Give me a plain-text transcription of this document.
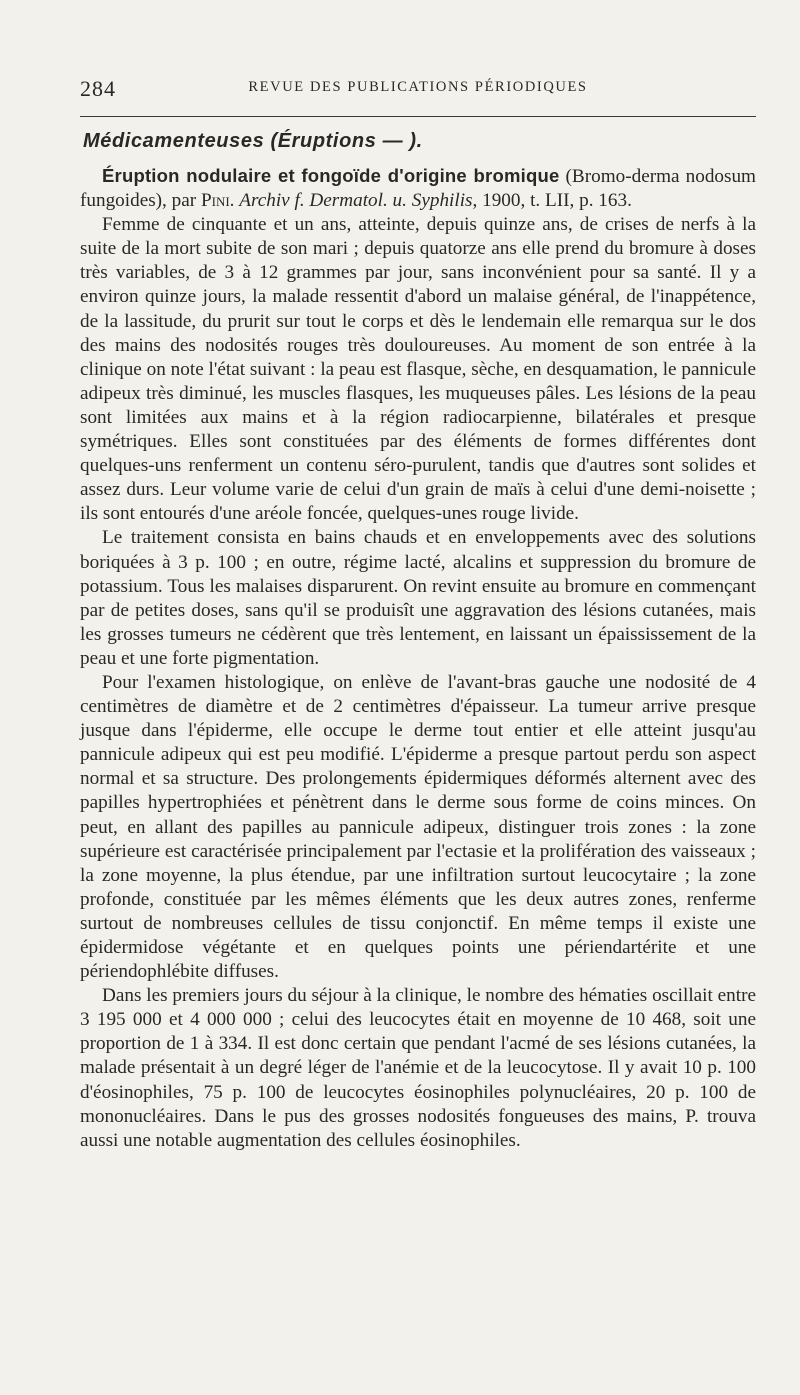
284	REVUE DES PUBLICATIONS PÉRIODIQUES
Médicamenteuses (Éruptions — ).

Éruption nodulaire et fongoïde d'origine bromique (Bromo-derma nodosum fungoides), par Pini. Archiv f. Dermatol. u. Syphilis, 1900, t. LII, p. 163.

Femme de cinquante et un ans, atteinte, depuis quinze ans, de crises de nerfs à la suite de la mort subite de son mari ; depuis quatorze ans elle prend du bromure à doses très variables, de 3 à 12 grammes par jour, sans inconvénient pour sa santé. Il y a environ quinze jours, la malade ressentit d'abord un malaise général, de l'inappétence, de la lassitude, du prurit sur tout le corps et dès le lendemain elle remarqua sur le dos des mains des nodosités rouges très douloureuses. Au moment de son entrée à la clinique on note l'état suivant : la peau est flasque, sèche, en desquamation, le pannicule adipeux très diminué, les muscles flasques, les muqueuses pâles. Les lésions de la peau sont limitées aux mains et à la région radiocarpienne, bilatérales et presque symétriques. Elles sont constituées par des éléments de formes différentes dont quelques-uns renferment un contenu séro-purulent, tandis que d'autres sont solides et assez durs. Leur volume varie de celui d'un grain de maïs à celui d'une demi-noisette ; ils sont entourés d'une aréole foncée, quelques-unes rouge livide.

Le traitement consista en bains chauds et en enveloppements avec des solutions boriquées à 3 p. 100 ; en outre, régime lacté, alcalins et suppression du bromure de potassium. Tous les malaises disparurent. On revint ensuite au bromure en commençant par de petites doses, sans qu'il se produisît une aggravation des lésions cutanées, mais les grosses tumeurs ne cédèrent que très lentement, en laissant un épaississement de la peau et une forte pigmentation.

Pour l'examen histologique, on enlève de l'avant-bras gauche une nodosité de 4 centimètres de diamètre et de 2 centimètres d'épaisseur. La tumeur arrive presque jusque dans l'épiderme, elle occupe le derme tout entier et elle atteint jusqu'au pannicule adipeux qui est peu modifié. L'épiderme a presque partout perdu son aspect normal et sa structure. Des prolongements épidermiques déformés alternent avec des papilles hypertrophiées et pénètrent dans le derme sous forme de coins minces. On peut, en allant des papilles au pannicule adipeux, distinguer trois zones : la zone supérieure est caractérisée principalement par l'ectasie et la prolifération des vaisseaux ; la zone moyenne, la plus étendue, par une infiltration surtout leucocytaire ; la zone profonde, constituée par les mêmes éléments que les deux autres zones, renferme surtout de nombreuses cellules de tissu conjonctif. En même temps il existe une épidermidose végétante et en quelques points une périendartérite et une périendophlébite diffuses.

Dans les premiers jours du séjour à la clinique, le nombre des hématies oscillait entre 3 195 000 et 4 000 000 ; celui des leucocytes était en moyenne de 10 468, soit une proportion de 1 à 334. Il est donc certain que pendant l'acmé de ses lésions cutanées, la malade présentait à un degré léger de l'anémie et de la leucocytose. Il y avait 10 p. 100 d'éosinophiles, 75 p. 100 de leucocytes éosinophiles polynucléaires, 20 p. 100 de mononucléaires. Dans le pus des grosses nodosités fongueuses des mains, P. trouva aussi une notable augmentation des cellules éosinophiles.
